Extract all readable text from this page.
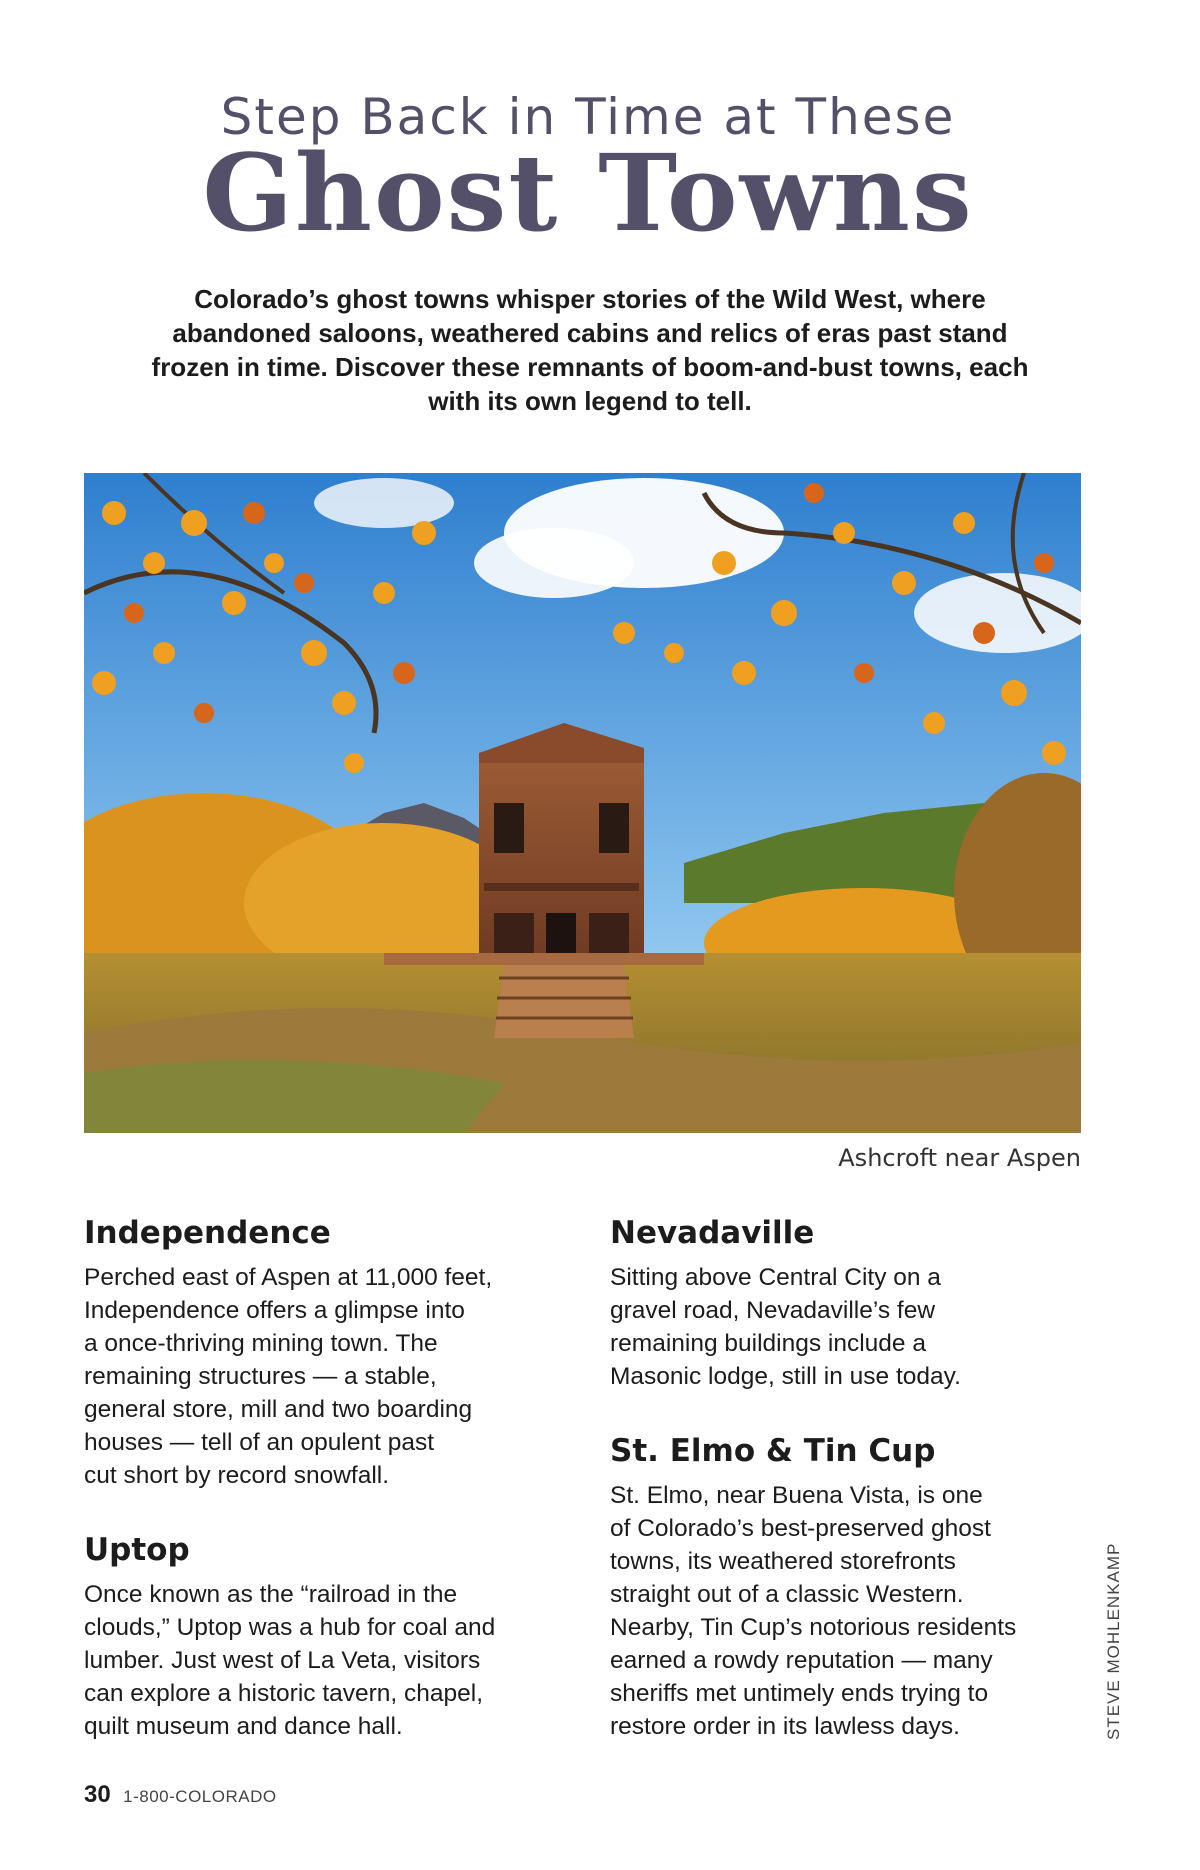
Step Back in Time at These
Ghost Towns
Colorado’s ghost towns whisper stories of the Wild West, where abandoned saloons, weathered cabins and relics of eras past stand frozen in time. Discover these remnants of boom-and-bust towns, each with its own legend to tell.
Ashcroft near Aspen
Independence

Perched east of Aspen at 11,000 feet,
Independence offers a glimpse into
a once-thriving mining town. The
remaining structures — a stable,
general store, mill and two boarding
houses — tell of an opulent past
cut short by record snowfall.

Uptop

Once known as the “railroad in the
clouds,” Uptop was a hub for coal and
lumber. Just west of La Veta, visitors
can explore a historic tavern, chapel,
quilt museum and dance hall.

Nevadaville

Sitting above Central City on a
gravel road, Nevadaville’s few
remaining buildings include a
Masonic lodge, still in use today.

St. Elmo & Tin Cup

St. Elmo, near Buena Vista, is one
of Colorado’s best-preserved ghost
towns, its weathered storefronts
straight out of a classic Western.
Nearby, Tin Cup’s notorious residents
earned a rowdy reputation — many
sheriffs met untimely ends trying to
restore order in its lawless days.	STEVE MOHLENKAMP
30 1-800-COLORADO
